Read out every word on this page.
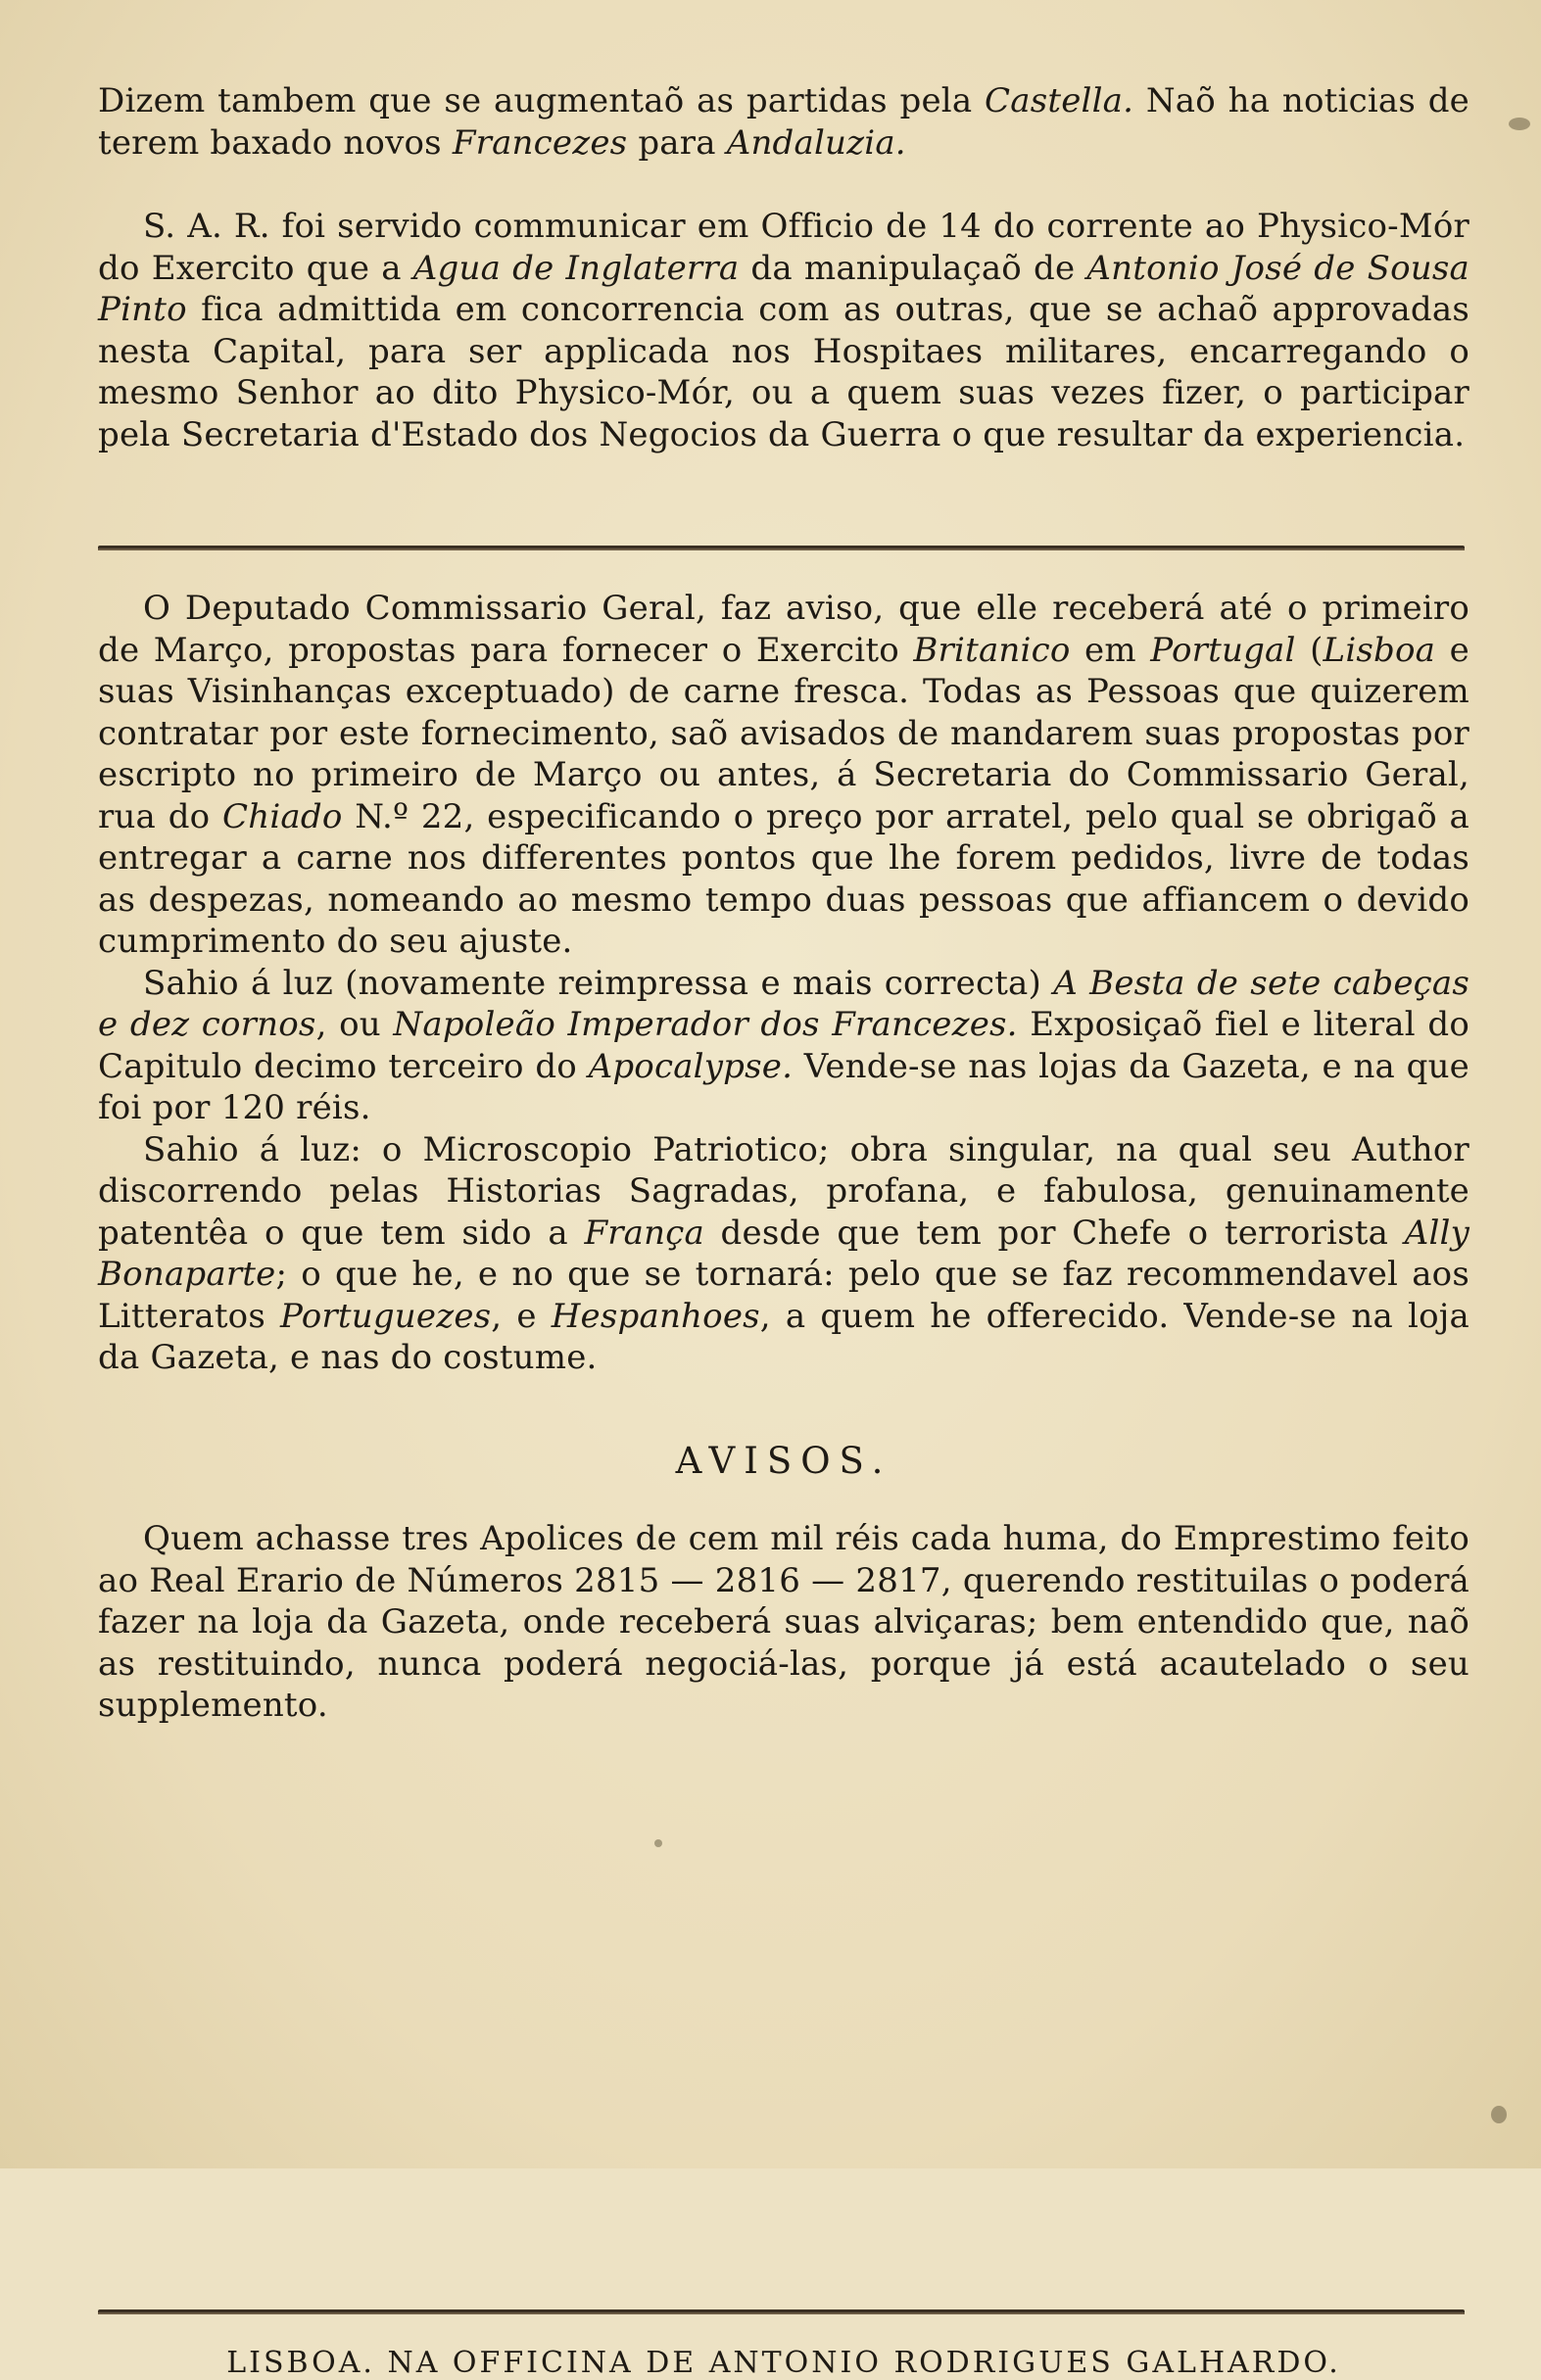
Dizem tambem que se augmentaõ as partidas pela Castella. Naõ ha noticias de terem baxado novos Francezes para Andaluzia.

S. A. R. foi servido communicar em Officio de 14 do corrente ao Physico-Mór do Exercito que a Agua de Inglaterra da manipulaçaõ de Antonio José de Sousa Pinto fica admittida em concorrencia com as outras, que se achaõ approvadas nesta Capital, para ser applicada nos Hospitaes militares, encarregando o mesmo Senhor ao dito Physico-Mór, ou a quem suas vezes fizer, o participar pela Secretaria d'Estado dos Negocios da Guerra o que resultar da experiencia.

O Deputado Commissario Geral, faz aviso, que elle receberá até o primeiro de Março, propostas para fornecer o Exercito Britanico em Portugal (Lisboa e suas Visinhanças exceptuado) de carne fresca. Todas as Pessoas que quizerem contratar por este fornecimento, saõ avisados de mandarem suas propostas por escripto no primeiro de Março ou antes, á Secretaria do Commissario Geral, rua do Chiado N.º 22, especificando o preço por arratel, pelo qual se obrigaõ a entregar a carne nos differentes pontos que lhe forem pedidos, livre de todas as despezas, nomeando ao mesmo tempo duas pessoas que affiancem o devido cumprimento do seu ajuste.

Sahio á luz (novamente reimpressa e mais correcta) A Besta de sete cabeças e dez cornos, ou Napoleão Imperador dos Francezes. Exposiçaõ fiel e literal do Capitulo decimo terceiro do Apocalypse. Vende-se nas lojas da Gazeta, e na que foi por 120 réis.

Sahio á luz: o Microscopio Patriotico; obra singular, na qual seu Author discorrendo pelas Historias Sagradas, profana, e fabulosa, genuinamente patentêa o que tem sido a França desde que tem por Chefe o terrorista Ally Bonaparte; o que he, e no que se tornará: pelo que se faz recommendavel aos Litteratos Portuguezes, e Hespanhoes, a quem he offerecido. Vende-se na loja da Gazeta, e nas do costume.

AVISOS.

Quem achasse tres Apolices de cem mil réis cada huma, do Emprestimo feito ao Real Erario de Números 2815 — 2816 — 2817, querendo restituilas o poderá fazer na loja da Gazeta, onde receberá suas alviçaras; bem entendido que, naõ as restituindo, nunca poderá negociá-las, porque já está acautelado o seu supplemento.

LISBOA. NA OFFICINA DE ANTONIO RODRIGUES GALHARDO.
